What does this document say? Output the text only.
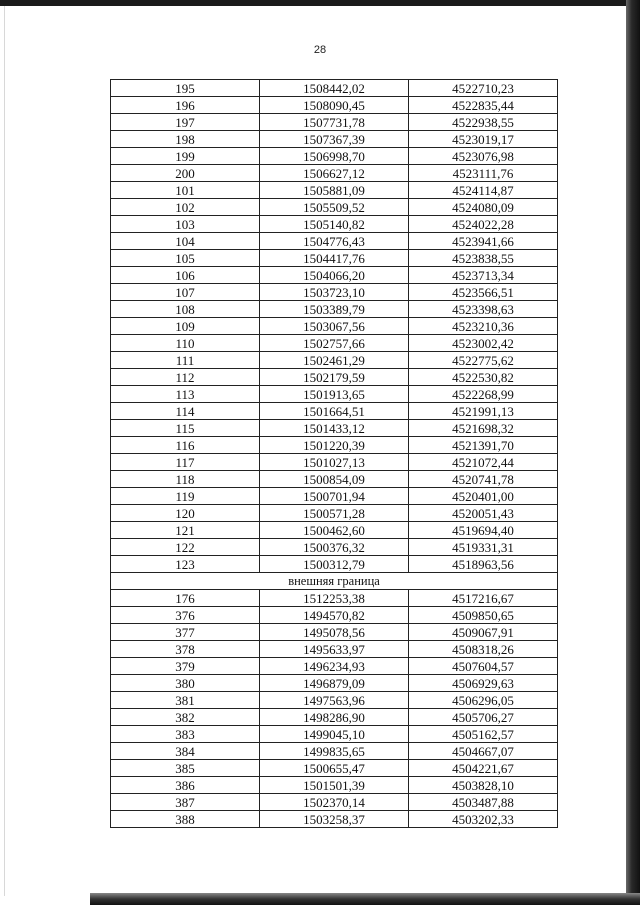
28
195	1508442,02	4522710,23
196	1508090,45	4522835,44
197	1507731,78	4522938,55
198	1507367,39	4523019,17
199	1506998,70	4523076,98
200	1506627,12	4523111,76
101	1505881,09	4524114,87
102	1505509,52	4524080,09
103	1505140,82	4524022,28
104	1504776,43	4523941,66
105	1504417,76	4523838,55
106	1504066,20	4523713,34
107	1503723,10	4523566,51
108	1503389,79	4523398,63
109	1503067,56	4523210,36
110	1502757,66	4523002,42
111	1502461,29	4522775,62
112	1502179,59	4522530,82
113	1501913,65	4522268,99
114	1501664,51	4521991,13
115	1501433,12	4521698,32
116	1501220,39	4521391,70
117	1501027,13	4521072,44
118	1500854,09	4520741,78
119	1500701,94	4520401,00
120	1500571,28	4520051,43
121	1500462,60	4519694,40
122	1500376,32	4519331,31
123	1500312,79	4518963,56
внешняя граница		
176	1512253,38	4517216,67
376	1494570,82	4509850,65
377	1495078,56	4509067,91
378	1495633,97	4508318,26
379	1496234,93	4507604,57
380	1496879,09	4506929,63
381	1497563,96	4506296,05
382	1498286,90	4505706,27
383	1499045,10	4505162,57
384	1499835,65	4504667,07
385	1500655,47	4504221,67
386	1501501,39	4503828,10
387	1502370,14	4503487,88
388	1503258,37	4503202,33
